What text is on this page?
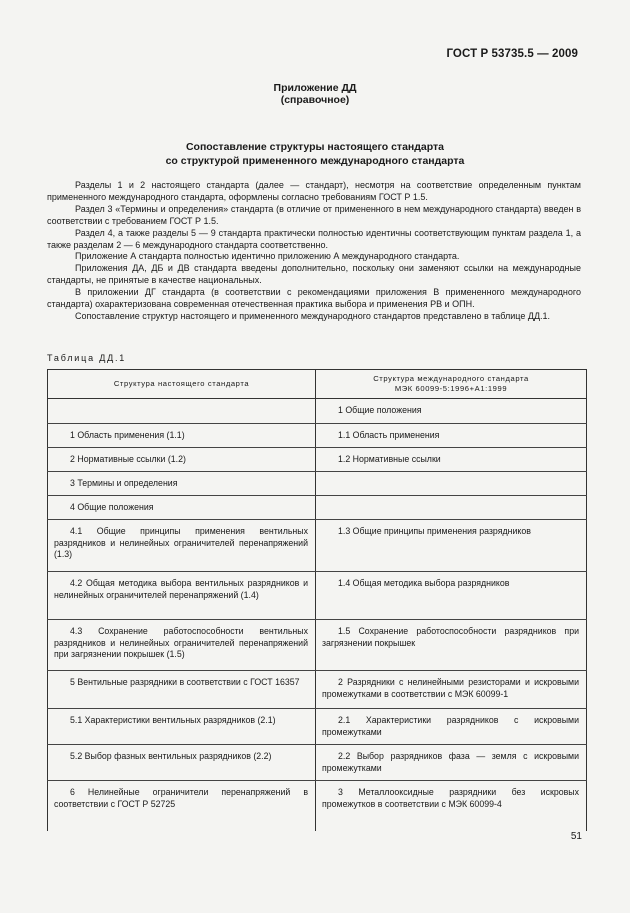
ГОСТ Р 53735.5 — 2009
Приложение ДД
(справочное)
Сопоставление структуры настоящего стандарта
со структурой примененного международного стандарта

Разделы 1 и 2 настоящего стандарта (далее — стандарт), несмотря на соответствие определенным пунктам примененного международного стандарта, оформлены согласно требованиям ГОСТ Р 1.5.

Раздел 3 «Термины и определения» стандарта (в отличие от примененного в нем международного стандарта) введен в соответствии с требованием ГОСТ Р 1.5.

Раздел 4, а также разделы 5 — 9 стандарта практически полностью идентичны соответствующим пунктам раздела 1, а также разделам 2 — 6 международного стандарта соответственно.

Приложение А стандарта полностью идентично приложению А международного стандарта.

Приложения ДА, ДБ и ДВ стандарта введены дополнительно, поскольку они заменяют ссылки на международные стандарты, не принятые в качестве национальных.

В приложении ДГ стандарта (в соответствии с рекомендациями приложения В примененного международного стандарта) охарактеризована современная отечественная практика выбора и применения РВ и ОПН.

Сопоставление структур настоящего и примененного международного стандартов представлено в таблице ДД.1.

Таблица ДД.1
Структура настоящего стандарта	Структура международного стандарта
МЭК 60099-5:1996+А1:1999

	1 Общие положения

1 Область применения (1.1)	1.1 Область применения

2 Нормативные ссылки (1.2)	1.2 Нормативные ссылки

3 Термины и определения	

4 Общие положения	

4.1 Общие принципы применения вентильных разрядников и нелинейных ограничителей перенапряжений (1.3)	1.3 Общие принципы применения разрядников

4.2 Общая методика выбора вентильных разрядников и нелинейных ограничителей перенапряжений (1.4)	1.4 Общая методика выбора разрядников

4.3 Сохранение работоспособности вентильных разрядников и нелинейных ограничителей перенапряжений при загрязнении покрышек (1.5)	1.5 Сохранение работоспособности разрядников при загрязнении покрышек

5 Вентильные разрядники в соответствии с ГОСТ 16357	2 Разрядники с нелинейными резисторами и искровыми промежутками в соответствии с МЭК 60099-1

5.1 Характеристики вентильных разрядников (2.1)	2.1 Характеристики разрядников с искровыми промежутками

5.2 Выбор фазных вентильных разрядников (2.2)	2.2 Выбор разрядников фаза — земля с искровыми промежутками

6 Нелинейные ограничители перенапряжений в соответствии с ГОСТ Р 52725	3 Металлооксидные разрядники без искровых промежутков в соответствии с МЭК 60099-4
51
